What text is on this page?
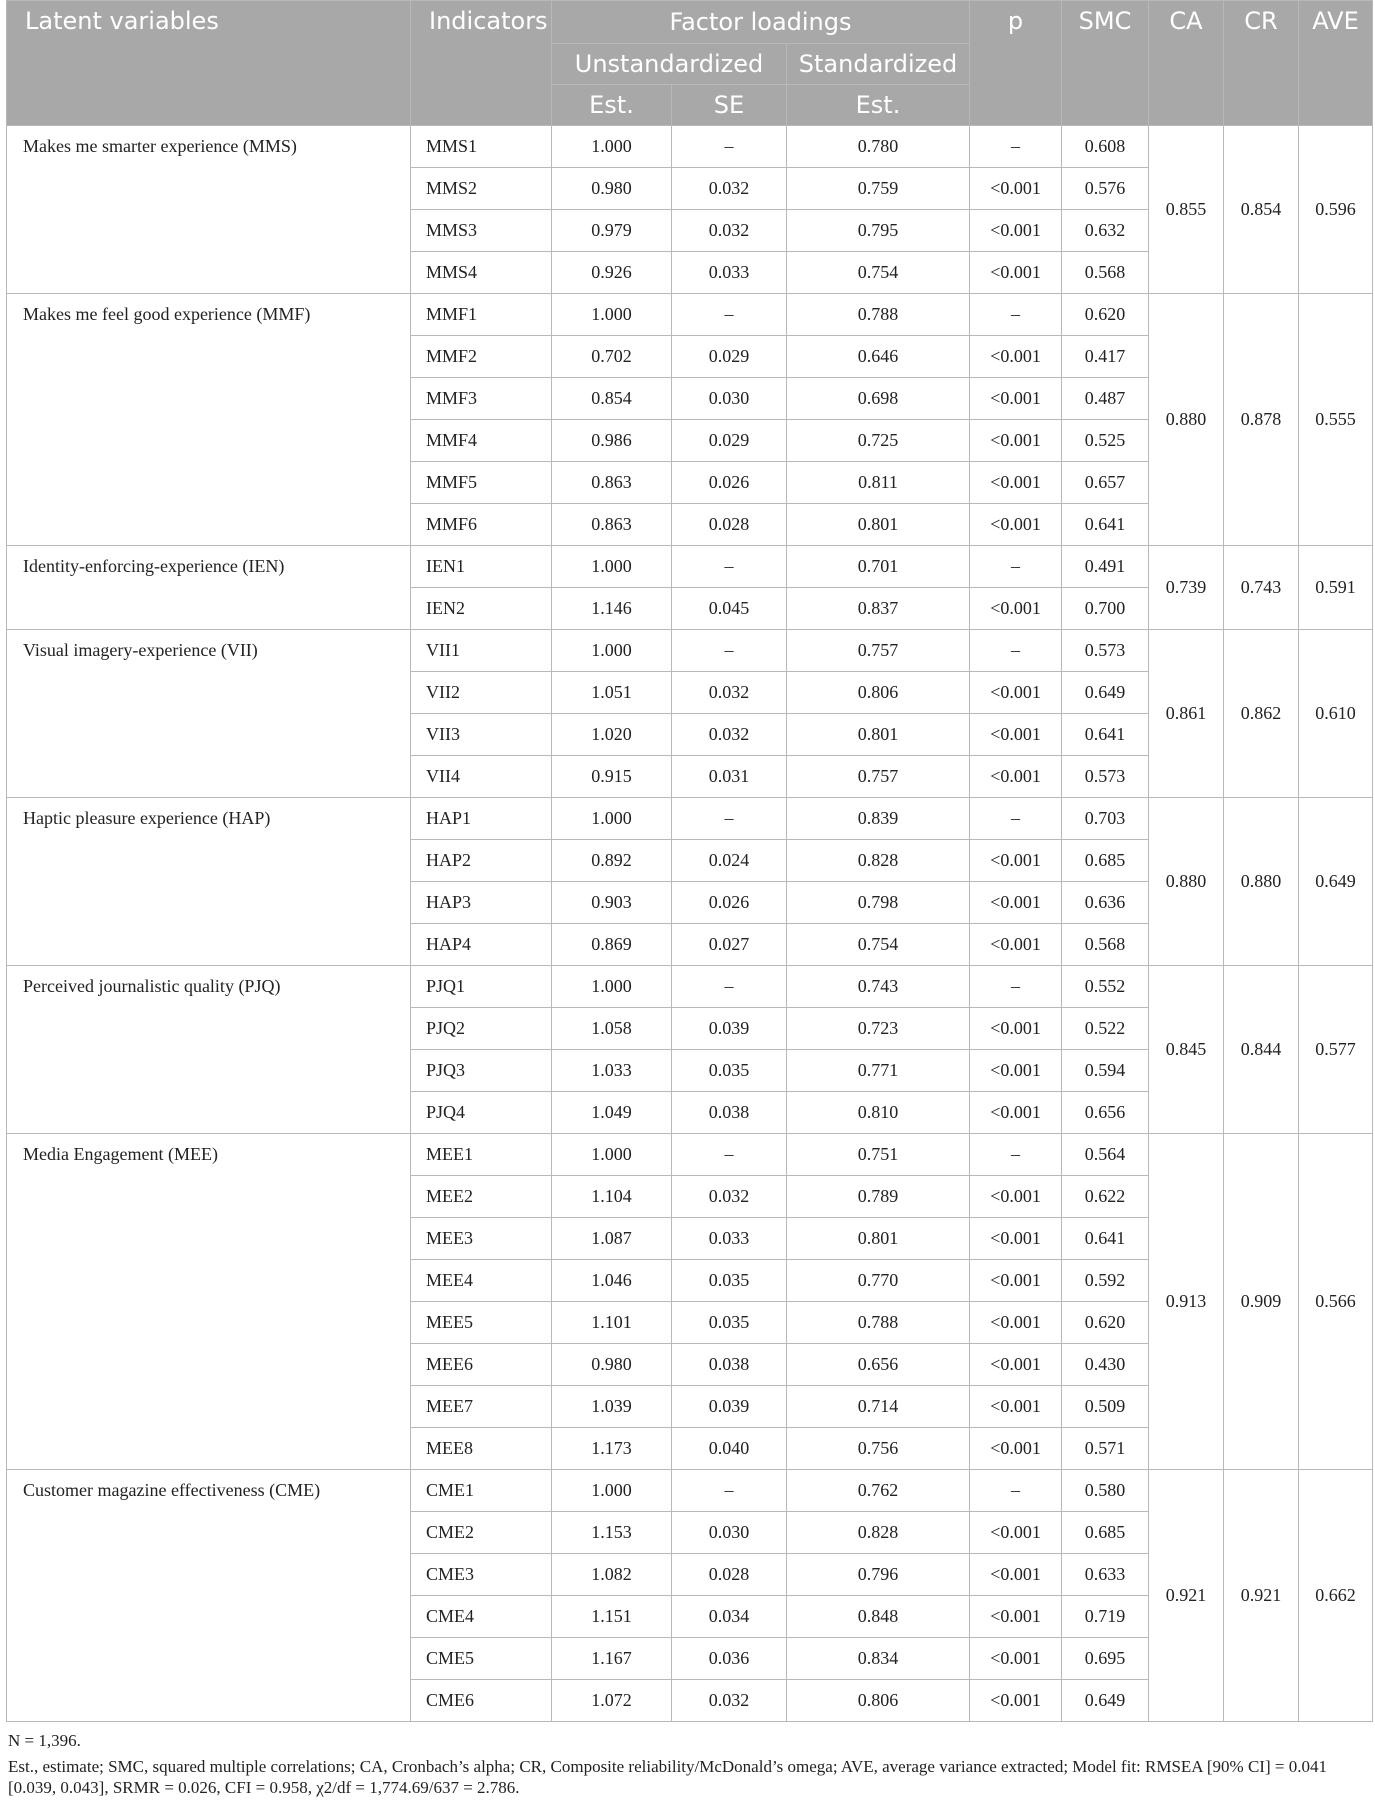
Latent variables	Indicators	Factor loadings			p	SMC	CA	CR	AVE
		Unstandardized		Standardized					
		Est.	SE	Est.					
Makes me smarter experience (MMS)	MMS1	1.000	–	0.780	–	0.608	0.855	0.854	0.596
	MMS2	0.980	0.032	0.759	<0.001	0.576			
	MMS3	0.979	0.032	0.795	<0.001	0.632			
	MMS4	0.926	0.033	0.754	<0.001	0.568			
Makes me feel good experience (MMF)	MMF1	1.000	–	0.788	–	0.620	0.880	0.878	0.555
	MMF2	0.702	0.029	0.646	<0.001	0.417			
	MMF3	0.854	0.030	0.698	<0.001	0.487			
	MMF4	0.986	0.029	0.725	<0.001	0.525			
	MMF5	0.863	0.026	0.811	<0.001	0.657			
	MMF6	0.863	0.028	0.801	<0.001	0.641			
Identity-enforcing-experience (IEN)	IEN1	1.000	–	0.701	–	0.491	0.739	0.743	0.591
	IEN2	1.146	0.045	0.837	<0.001	0.700			
Visual imagery-experience (VII)	VII1	1.000	–	0.757	–	0.573	0.861	0.862	0.610
	VII2	1.051	0.032	0.806	<0.001	0.649			
	VII3	1.020	0.032	0.801	<0.001	0.641			
	VII4	0.915	0.031	0.757	<0.001	0.573			
Haptic pleasure experience (HAP)	HAP1	1.000	–	0.839	–	0.703	0.880	0.880	0.649
	HAP2	0.892	0.024	0.828	<0.001	0.685			
	HAP3	0.903	0.026	0.798	<0.001	0.636			
	HAP4	0.869	0.027	0.754	<0.001	0.568			
Perceived journalistic quality (PJQ)	PJQ1	1.000	–	0.743	–	0.552	0.845	0.844	0.577
	PJQ2	1.058	0.039	0.723	<0.001	0.522			
	PJQ3	1.033	0.035	0.771	<0.001	0.594			
	PJQ4	1.049	0.038	0.810	<0.001	0.656			
Media Engagement (MEE)	MEE1	1.000	–	0.751	–	0.564	0.913	0.909	0.566
	MEE2	1.104	0.032	0.789	<0.001	0.622			
	MEE3	1.087	0.033	0.801	<0.001	0.641			
	MEE4	1.046	0.035	0.770	<0.001	0.592			
	MEE5	1.101	0.035	0.788	<0.001	0.620			
	MEE6	0.980	0.038	0.656	<0.001	0.430			
	MEE7	1.039	0.039	0.714	<0.001	0.509			
	MEE8	1.173	0.040	0.756	<0.001	0.571			
Customer magazine effectiveness (CME)	CME1	1.000	–	0.762	–	0.580	0.921	0.921	0.662
	CME2	1.153	0.030	0.828	<0.001	0.685			
	CME3	1.082	0.028	0.796	<0.001	0.633			
	CME4	1.151	0.034	0.848	<0.001	0.719			
	CME5	1.167	0.036	0.834	<0.001	0.695			
	CME6	1.072	0.032	0.806	<0.001	0.649			

N = 1,396.

Est., estimate; SMC, squared multiple correlations; CA, Cronbach’s alpha; CR, Composite reliability/McDonald’s omega; AVE, average variance extracted; Model fit: RMSEA [90% CI] = 0.041 [0.039, 0.043], SRMR = 0.026, CFI = 0.958, χ2/df = 1,774.69/637 = 2.786.
